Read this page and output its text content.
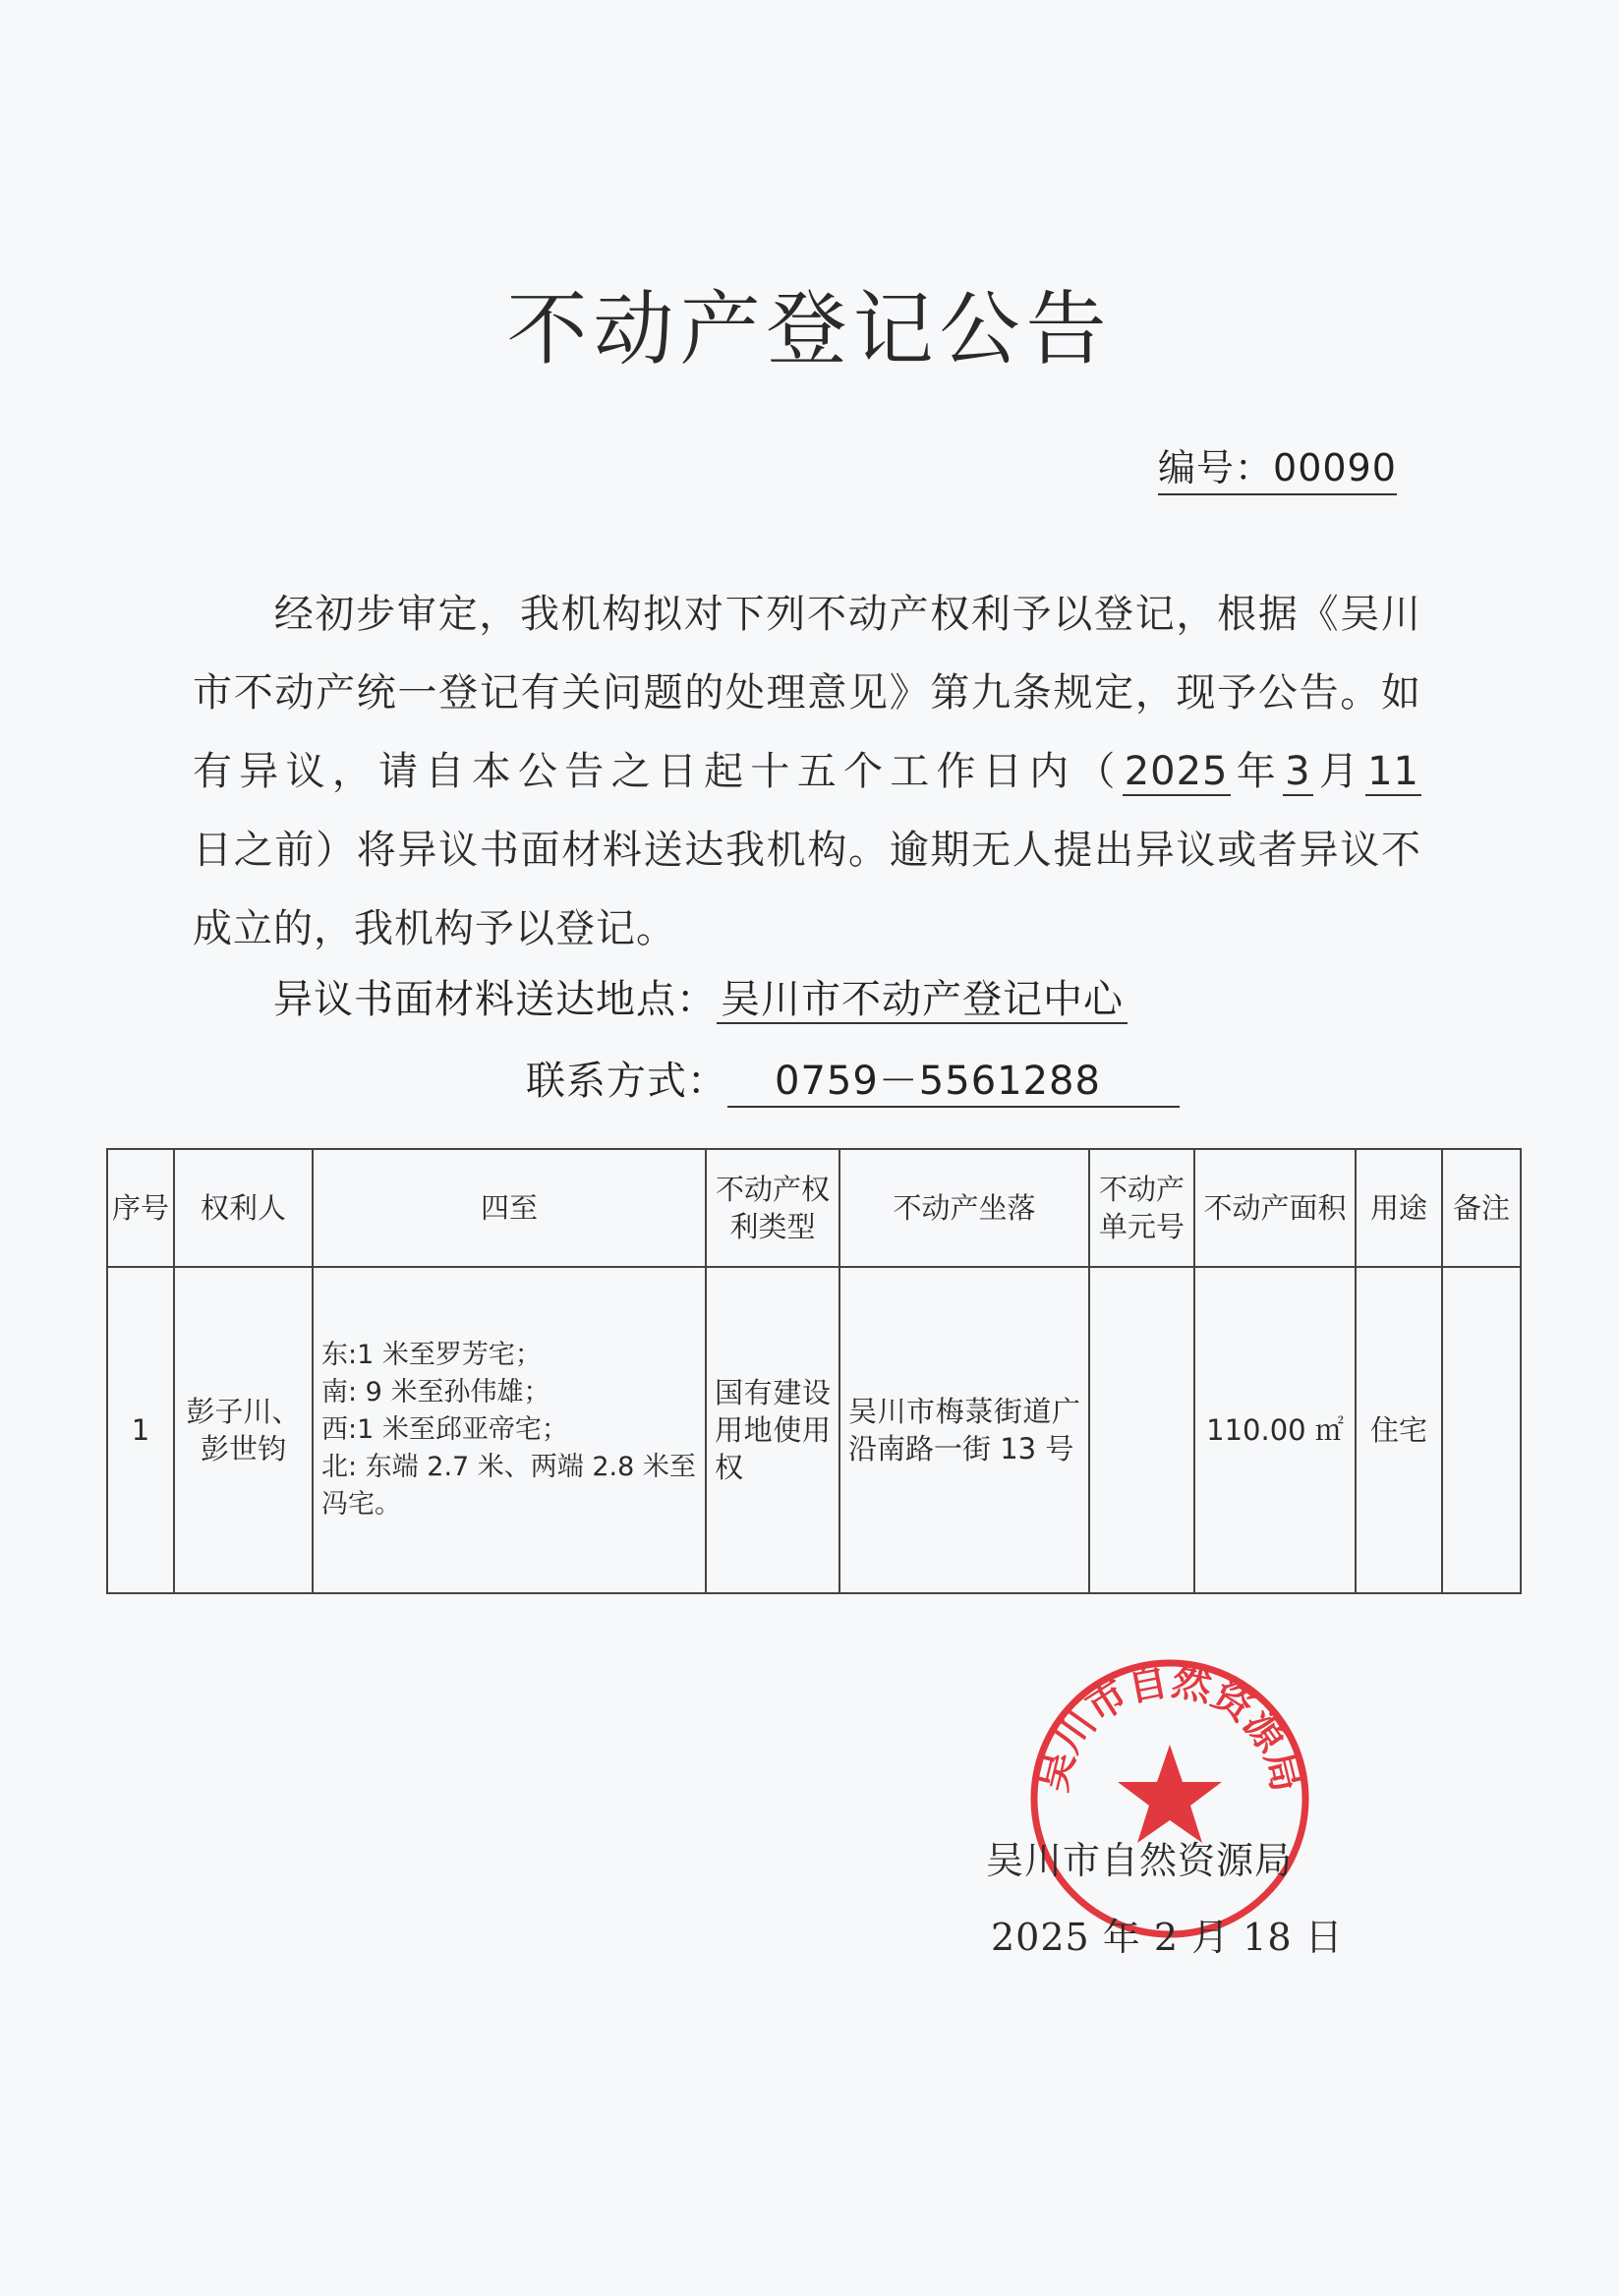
不动产登记公告
编号：00090
经初步审定，我机构拟对下列不动产权利予以登记，根据《吴川市不动产统一登记有关问题的处理意见》第九条规定，现予公告。如有异议，请自本公告之日起十五个工作日内（2025年3月11日之前）将异议书面材料送达我机构。逾期无人提出异议或者异议不成立的，我机构予以登记。
异议书面材料送达地点： 吴川市不动产登记中心
联系方式： 0759－5561288
序号	权利人	四至	不动产权利类型	不动产坐落	不动产单元号	不动产面积	用途	备注
1	彭子川、彭世钧	东:1 米至罗芳宅；
南: 9 米至孙伟雄；
西:1 米至邱亚帝宅；
北: 东端 2.7 米、两端 2.8 米至冯宅。	国有建设用地使用权	吴川市梅菉街道广沿南路一街 13 号		110.00 ㎡	住宅	
吴川市自然资源局
吴川市自然资源局
2025 年 2 月 18 日
